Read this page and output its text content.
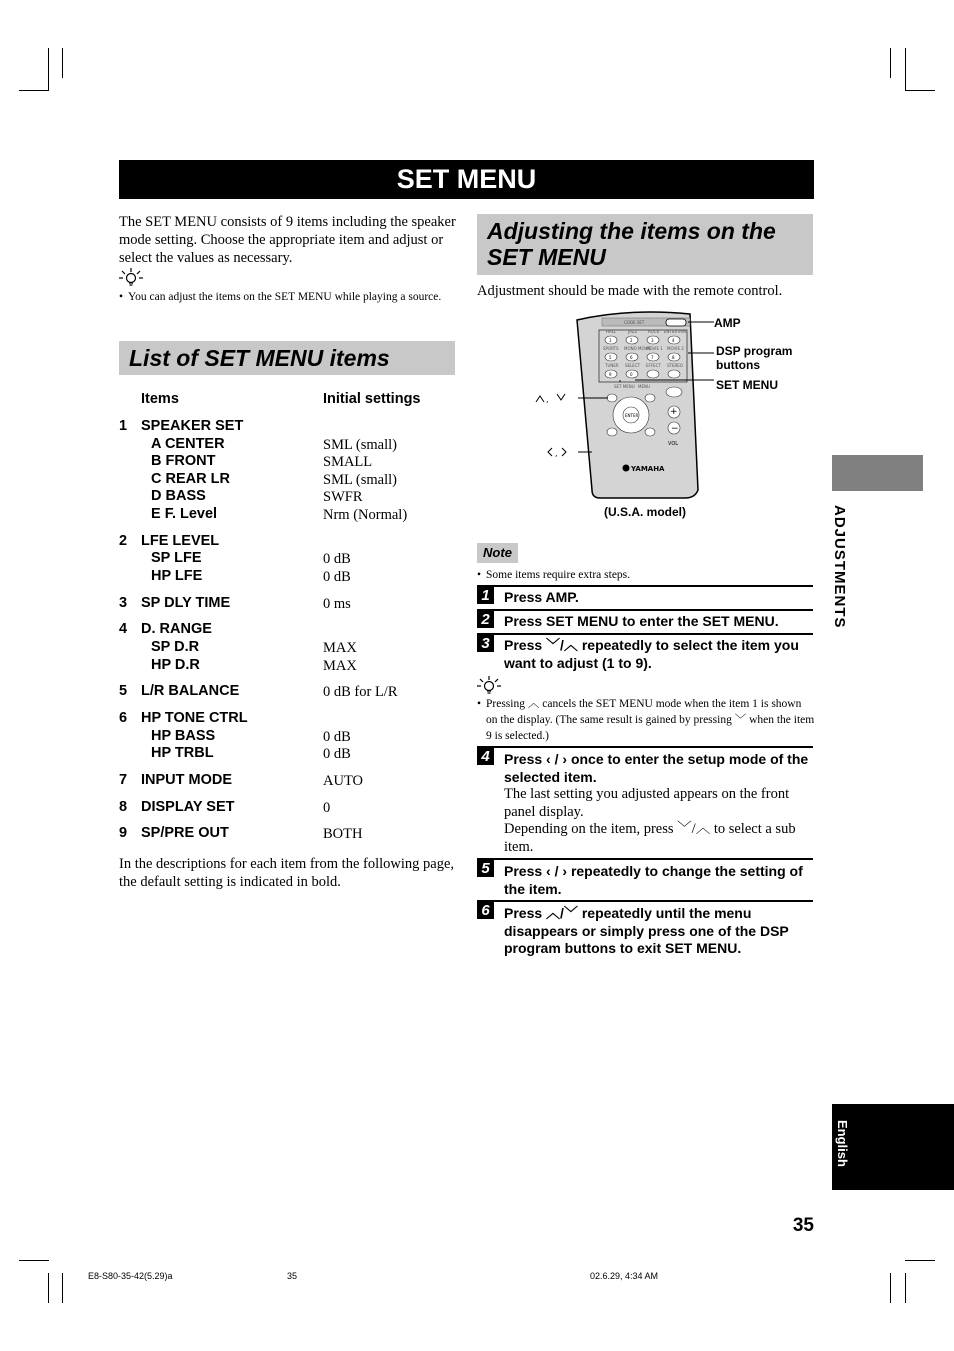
SET MENU
The SET MENU consists of 9 items including the speaker mode setting. Choose the appropriate item and adjust or select the values as necessary.
• You can adjust the items on the SET MENU while playing a source.
List of SET MENU items
Items	Initial settings
1 SPEAKER SET
A CENTER	SML (small)
B FRONT	SMALL
C REAR LR	SML (small)
D BASS	SWFR
E F. Level	Nrm (Normal)
2 LFE LEVEL
SP LFE	0 dB
HP LFE	0 dB
3 SP DLY TIME	0 ms
4 D. RANGE
SP D.R	MAX
HP D.R	MAX
5 L/R BALANCE	0 dB for L/R
6 HP TONE CTRL
HP BASS	0 dB
HP TRBL	0 dB
7 INPUT MODE	AUTO
8 DISPLAY SET	0
9 SP/PRE OUT	BOTH
In the descriptions for each item from the following page, the default setting is indicated in bold.
Adjusting the items on the SET MENU
Adjustment should be made with the remote control.
CODE SET
HALL	JAZZ	ROCK ENTERTAIN
SPORTS MONO MOVIE
MOVIE 1 MOVIE 2
TUNER SELECT EFFECT STEREO
SET MENU MENU
1	2	3	4
5	6	7	8
9	0
ENTER	+
−
VOL
YAMAHA
,
,
AMP
DSP program buttons
SET MENU
(U.S.A. model)
Note
• Some items require extra steps.
1	Press AMP.
2	Press SET MENU to enter the SET MENU.
3	Press ﹀/︿ repeatedly to select the item you want to adjust (1 to 9).
• Pressing ︿ cancels the SET MENU mode when the item 1 is shown on the display. (The same result is gained by pressing ﹀ when the item 9 is selected.)
4	Press ‹ / › once to enter the setup mode of the selected item.
The last setting you adjusted appears on the front panel display.
Depending on the item, press ﹀/︿ to select a sub item.
5	Press ‹ / › repeatedly to change the setting of the item.
6	Press ︿/﹀ repeatedly until the menu disappears or simply press one of the DSP program buttons to exit SET MENU.
ADJUSTMENTS
English
35
E8-S80-35-42(5.29)a	35	02.6.29, 4:34 AM
